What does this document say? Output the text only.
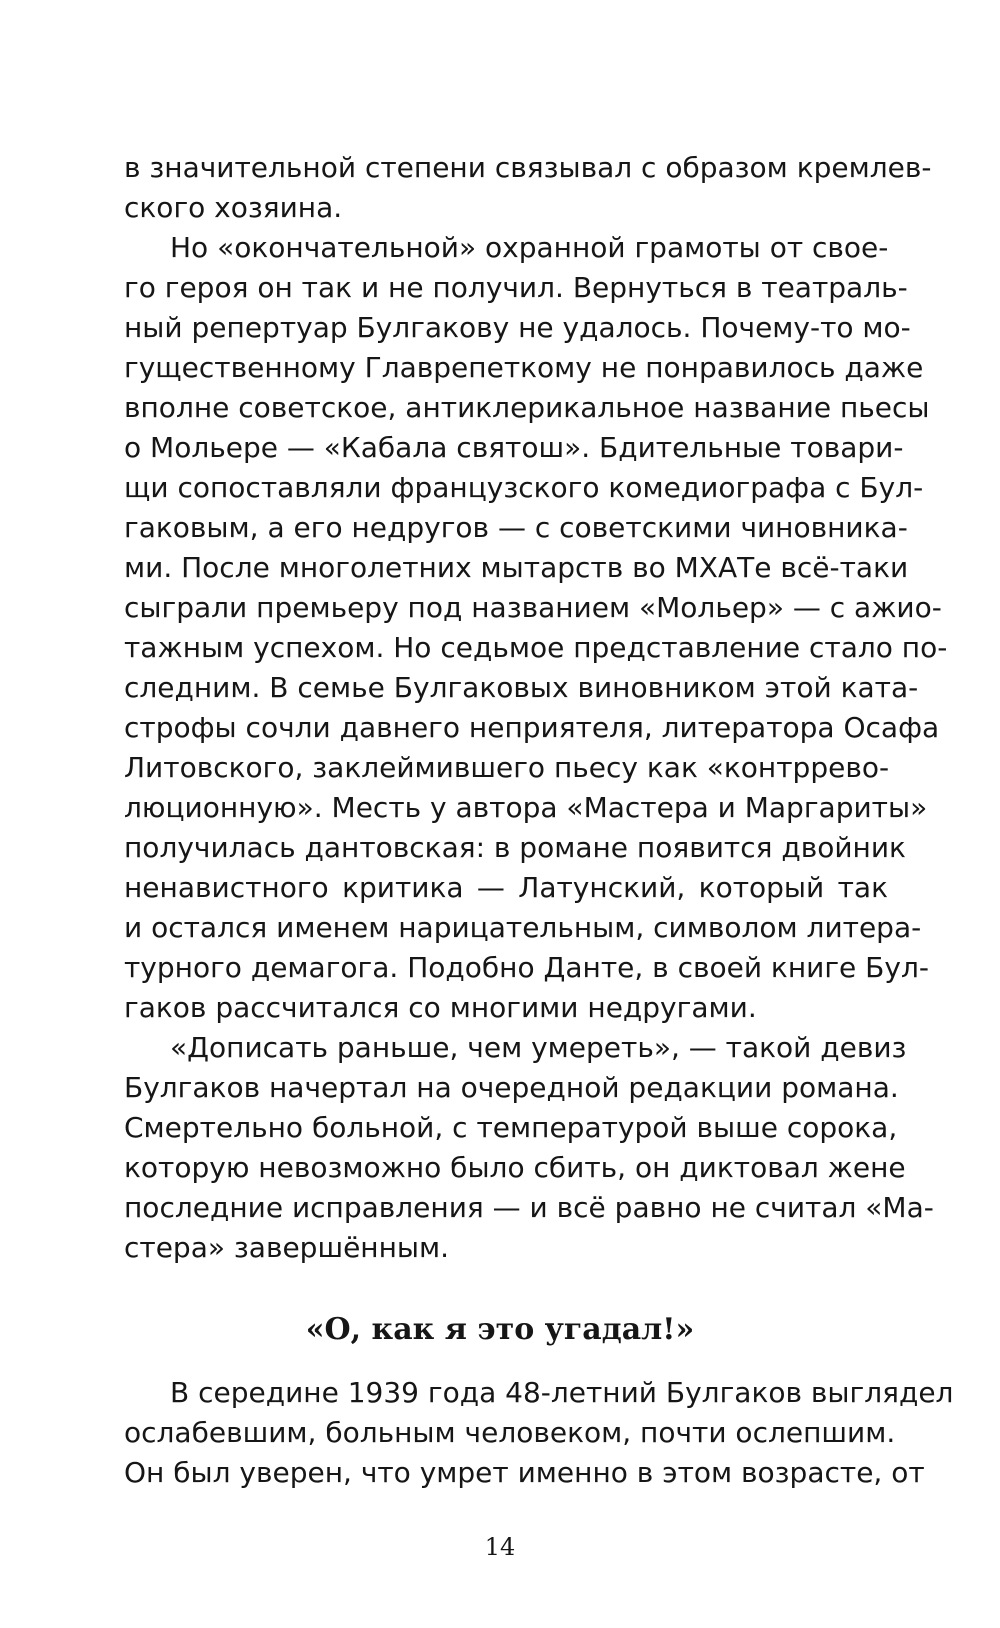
в значительной степени связывал с образом кремлев-
ского хозяина.
Но «окончательной» охранной грамоты от свое-
го героя он так и не получил. Вернуться в театраль-
ный репертуар Булгакову не удалось. Почему-то мо-
гущественному Главрепеткому не понравилось даже
вполне советское, антиклерикальное название пьесы
о Мольере — «Кабала святош». Бдительные товари-
щи сопоставляли французского комедиографа с Бул-
гаковым, а его недругов — с советскими чиновника-
ми. После многолетних мытарств во МХАТе всё-таки
сыграли премьеру под названием «Мольер» — с ажио-
тажным успехом. Но седьмое представление стало по-
следним. В семье Булгаковых виновником этой ката-
строфы сочли давнего неприятеля, литератора Осафа
Литовского, заклеймившего пьесу как «контррево-
люционную». Месть у автора «Мастера и Маргариты»
получилась дантовская: в романе появится двойник
ненавистного критика — Латунский, который так
и остался именем нарицательным, символом литера-
турного демагога. Подобно Данте, в своей книге Бул-
гаков рассчитался со многими недругами.
«Дописать раньше, чем умереть», — такой девиз
Булгаков начертал на очередной редакции романа.
Смертельно больной, с температурой выше сорока,
которую невозможно было сбить, он диктовал жене
последние исправления — и всё равно не считал «Ма-
стера» завершённым.
«О, как я это угадал!»
В середине 1939 года 48-летний Булгаков выглядел
ослабевшим, больным человеком, почти ослепшим.
Он был уверен, что умрет именно в этом возрасте, от
14
